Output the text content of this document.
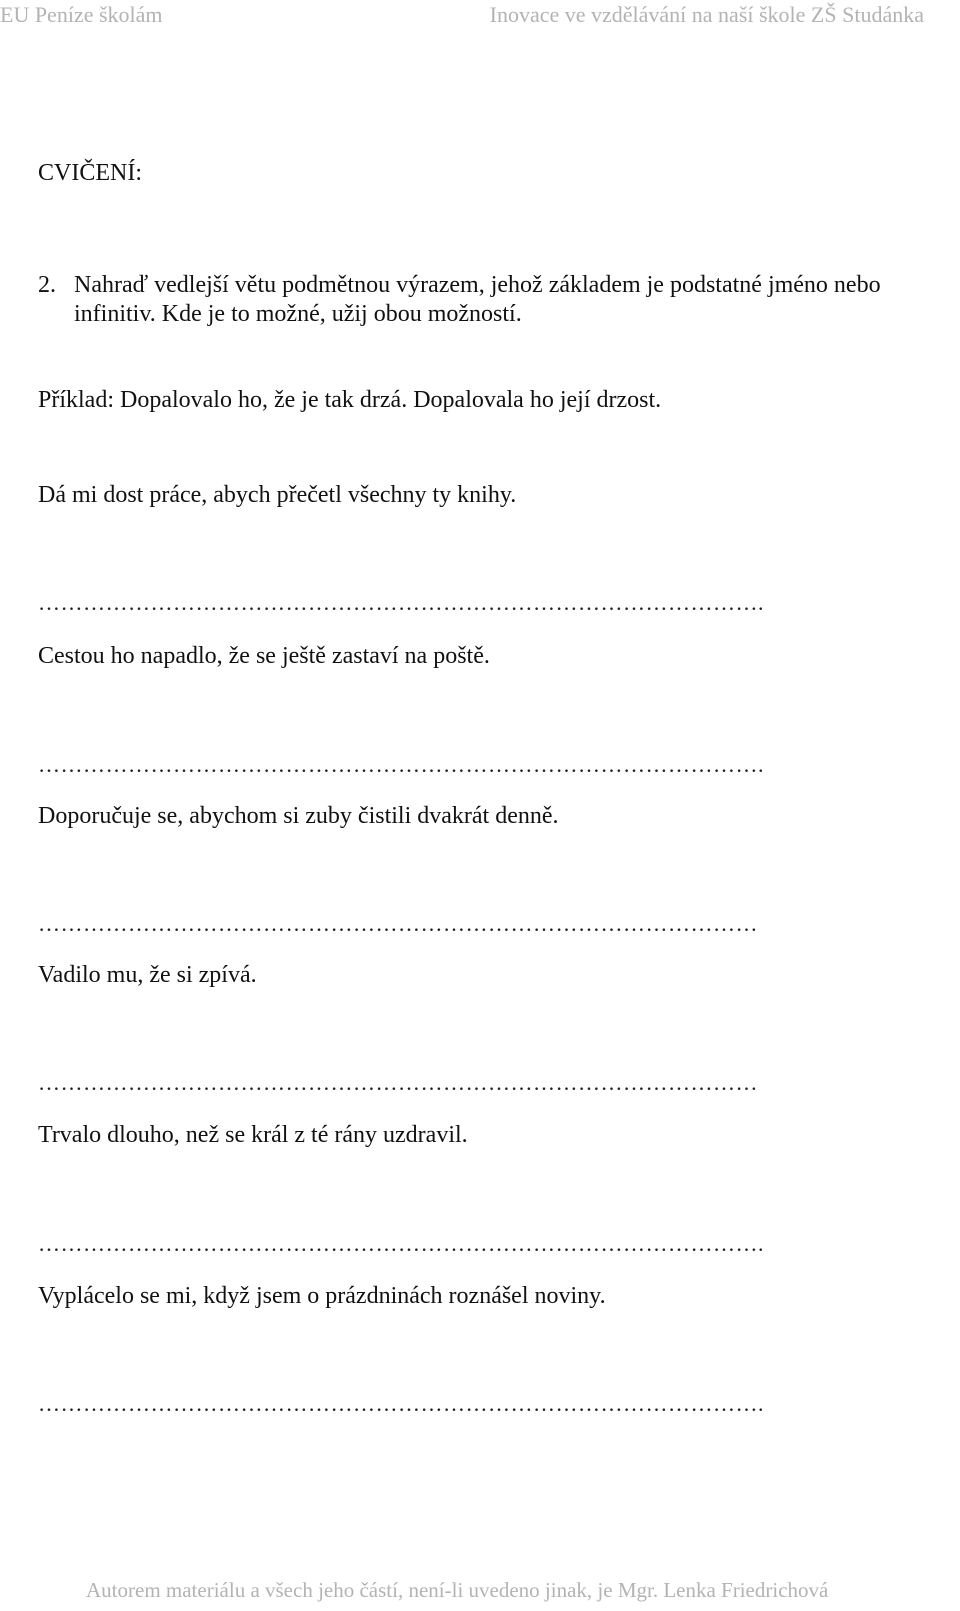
EU Peníze školám	Inovace ve vzdělávání na naší škole ZŠ Studánka
CVIČENÍ:
2. Nahraď vedlejší větu podmětnou výrazem, jehož základem je podstatné jméno nebo infinitiv. Kde je to možné, užij obou možností.
Příklad: Dopalovalo ho, že je tak drzá. Dopalovala ho její drzost.
Dá mi dost práce, abych přečetl všechny ty knihy.
…………………………………………………………………………………….
Cestou ho napadlo, že se ještě zastaví na poště.
…………………………………………………………………………………….
Doporučuje se, abychom si zuby čistili dvakrát denně.
……………………………………………………………………………………
Vadilo mu, že si zpívá.
……………………………………………………………………………………
Trvalo dlouho, než se král z té rány uzdravil.
…………………………………………………………………………………….
Vyplácelo se mi, když jsem o prázdninách roznášel noviny.
…………………………………………………………………………………….
Autorem materiálu a všech jeho částí, není-li uvedeno jinak, je Mgr. Lenka Friedrichová
